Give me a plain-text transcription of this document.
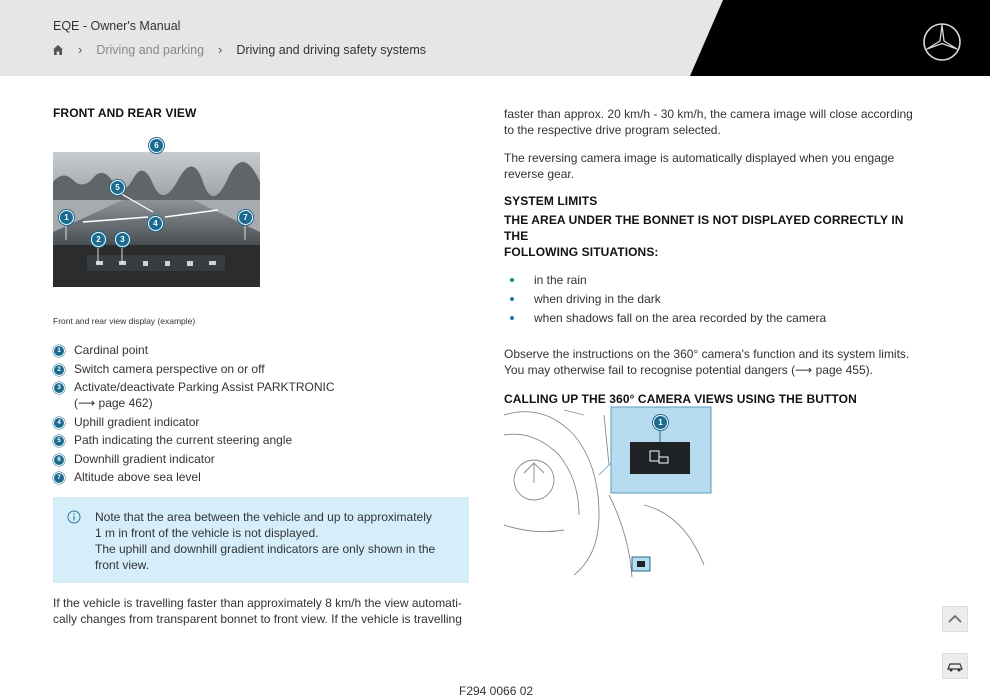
EQE - Owner's Manual
› Driving and parking › Driving and driving safety systems
FRONT AND REAR VIEW
1
2	3
4
5
6
7
Front and rear view display (example)
1	Cardinal point
2	Switch camera perspective on or off
3	Activate/deactivate Parking Assist PARKTRONIC
(⟶ page 462)
4	Uphill gradient indicator
5	Path indicating the current steering angle
6	Downhill gradient indicator
7	Altitude above sea level
Note that the area between the vehicle and up to approximately
1 m in front of the vehicle is not displayed.
The uphill and downhill gradient indicators are only shown in the
front view.
If the vehicle is travelling faster than approximately 8 km/h the view automati-
cally changes from transparent bonnet to front view. If the vehicle is travelling
faster than approx. 20 km/h - 30 km/h, the camera image will close according
to the respective drive program selected.
The reversing camera image is automatically displayed when you engage
reverse gear.
SYSTEM LIMITS
THE AREA UNDER THE BONNET IS NOT DISPLAYED CORRECTLY IN THE
FOLLOWING SITUATIONS:
in the rain
when driving in the dark
when shadows fall on the area recorded by the camera
Observe the instructions on the 360° camera's function and its system limits.
You may otherwise fail to recognise potential dangers (⟶ page 455).
CALLING UP THE 360° CAMERA VIEWS USING THE BUTTON
1
F294 0066 02
